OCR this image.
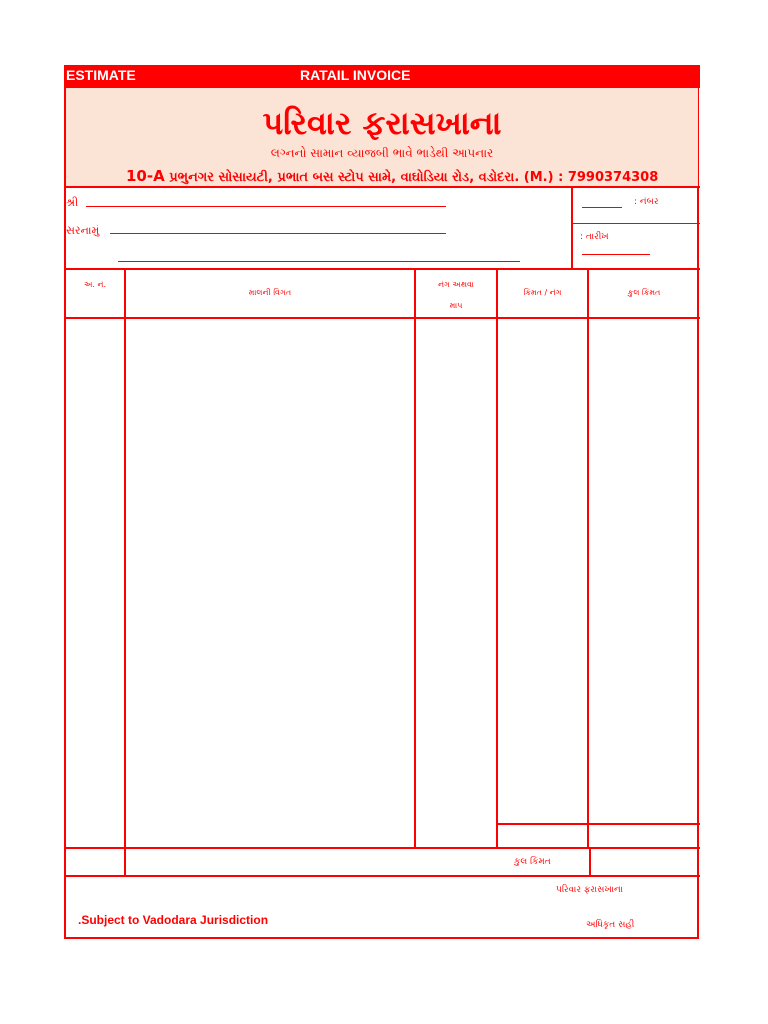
ESTIMATE	RATAIL INVOICE
પરિવાર ફરાસખાના
લગ્નનો સામાન વ્યાજબી ભાવે ભાડેથી આપનાર
10-A પ્રભુનગર સોસાયટી, પ્રભાત બસ સ્ટોપ સામે, વાઘોડિયા રોડ, વડોદરા. (M.) : 7990374308
શ્રી
સરનામું
: નંબર
: તારીખ
અ. નં.
માલની વિગત
નંગ અથવા
માપ
કિંમત / નંગ	કુલ કિંમત
કુલ કિંમત
પરિવાર ફરાસખાના
અધિકૃત સહી
.Subject to Vadodara Jurisdiction
